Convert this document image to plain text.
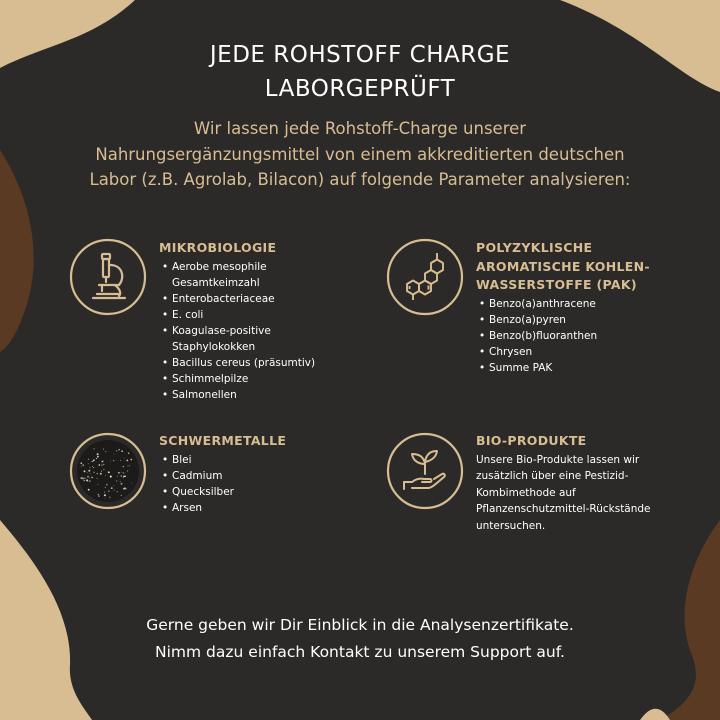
JEDE ROHSTOFF CHARGE
LABORGEPRÜFT
Wir lassen jede Rohstoff-Charge unserer
Nahrungsergänzungsmittel von einem akkreditierten deutschen
Labor (z.B. Agrolab, Bilacon) auf folgende Parameter analysieren:
MIKROBIOLOGIE
• Aerobe mesophile
Gesamtkeimzahl
• Enterobacteriaceae
• E. coli
• Koagulase-positive
Staphylokokken
• Bacillus cereus (präsumtiv)
• Schimmelpilze
• Salmonellen
POLYZYKLISCHE
AROMATISCHE KOHLEN-
WASSERSTOFFE (PAK)
• Benzo(a)anthracene
• Benzo(a)pyren
• Benzo(b)fluoranthen
• Chrysen
• Summe PAK
SCHWERMETALLE
• Blei
• Cadmium
• Quecksilber
• Arsen
BIO-PRODUKTE
Unsere Bio-Produkte lassen wir
zusätzlich über eine Pestizid-
Kombimethode auf
Pflanzenschutzmittel-Rückstände
untersuchen.
Gerne geben wir Dir Einblick in die Analysenzertifikate.
Nimm dazu einfach Kontakt zu unserem Support auf.
